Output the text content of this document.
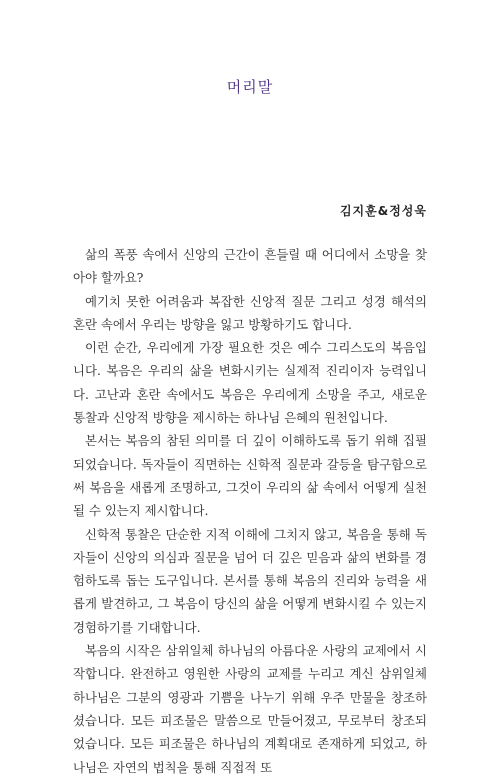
머리말
김지훈&정성욱

삶의 폭풍 속에서 신앙의 근간이 흔들릴 때 어디에서 소망을 찾아야 할까요?

예기치 못한 어려움과 복잡한 신앙적 질문 그리고 성경 해석의 혼란 속에서 우리는 방향을 잃고 방황하기도 합니다.

이런 순간, 우리에게 가장 필요한 것은 예수 그리스도의 복음입니다. 복음은 우리의 삶을 변화시키는 실제적 진리이자 능력입니다. 고난과 혼란 속에서도 복음은 우리에게 소망을 주고, 새로운 통찰과 신앙적 방향을 제시하는 하나님 은혜의 원천입니다.

본서는 복음의 참된 의미를 더 깊이 이해하도록 돕기 위해 집필되었습니다. 독자들이 직면하는 신학적 질문과 갈등을 탐구함으로써 복음을 새롭게 조명하고, 그것이 우리의 삶 속에서 어떻게 실천될 수 있는지 제시합니다.

신학적 통찰은 단순한 지적 이해에 그치지 않고, 복음을 통해 독자들이 신앙의 의심과 질문을 넘어 더 깊은 믿음과 삶의 변화를 경험하도록 돕는 도구입니다. 본서를 통해 복음의 진리와 능력을 새롭게 발견하고, 그 복음이 당신의 삶을 어떻게 변화시킬 수 있는지 경험하기를 기대합니다.

복음의 시작은 삼위일체 하나님의 아름다운 사랑의 교제에서 시작합니다. 완전하고 영원한 사랑의 교제를 누리고 계신 삼위일체 하나님은 그분의 영광과 기쁨을 나누기 위해 우주 만물을 창조하셨습니다. 모든 피조물은 말씀으로 만들어졌고, 무로부터 창조되었습니다. 모든 피조물은 하나님의 계획대로 존재하게 되었고, 하나님은 자연의 법칙을 통해 직접적 또
